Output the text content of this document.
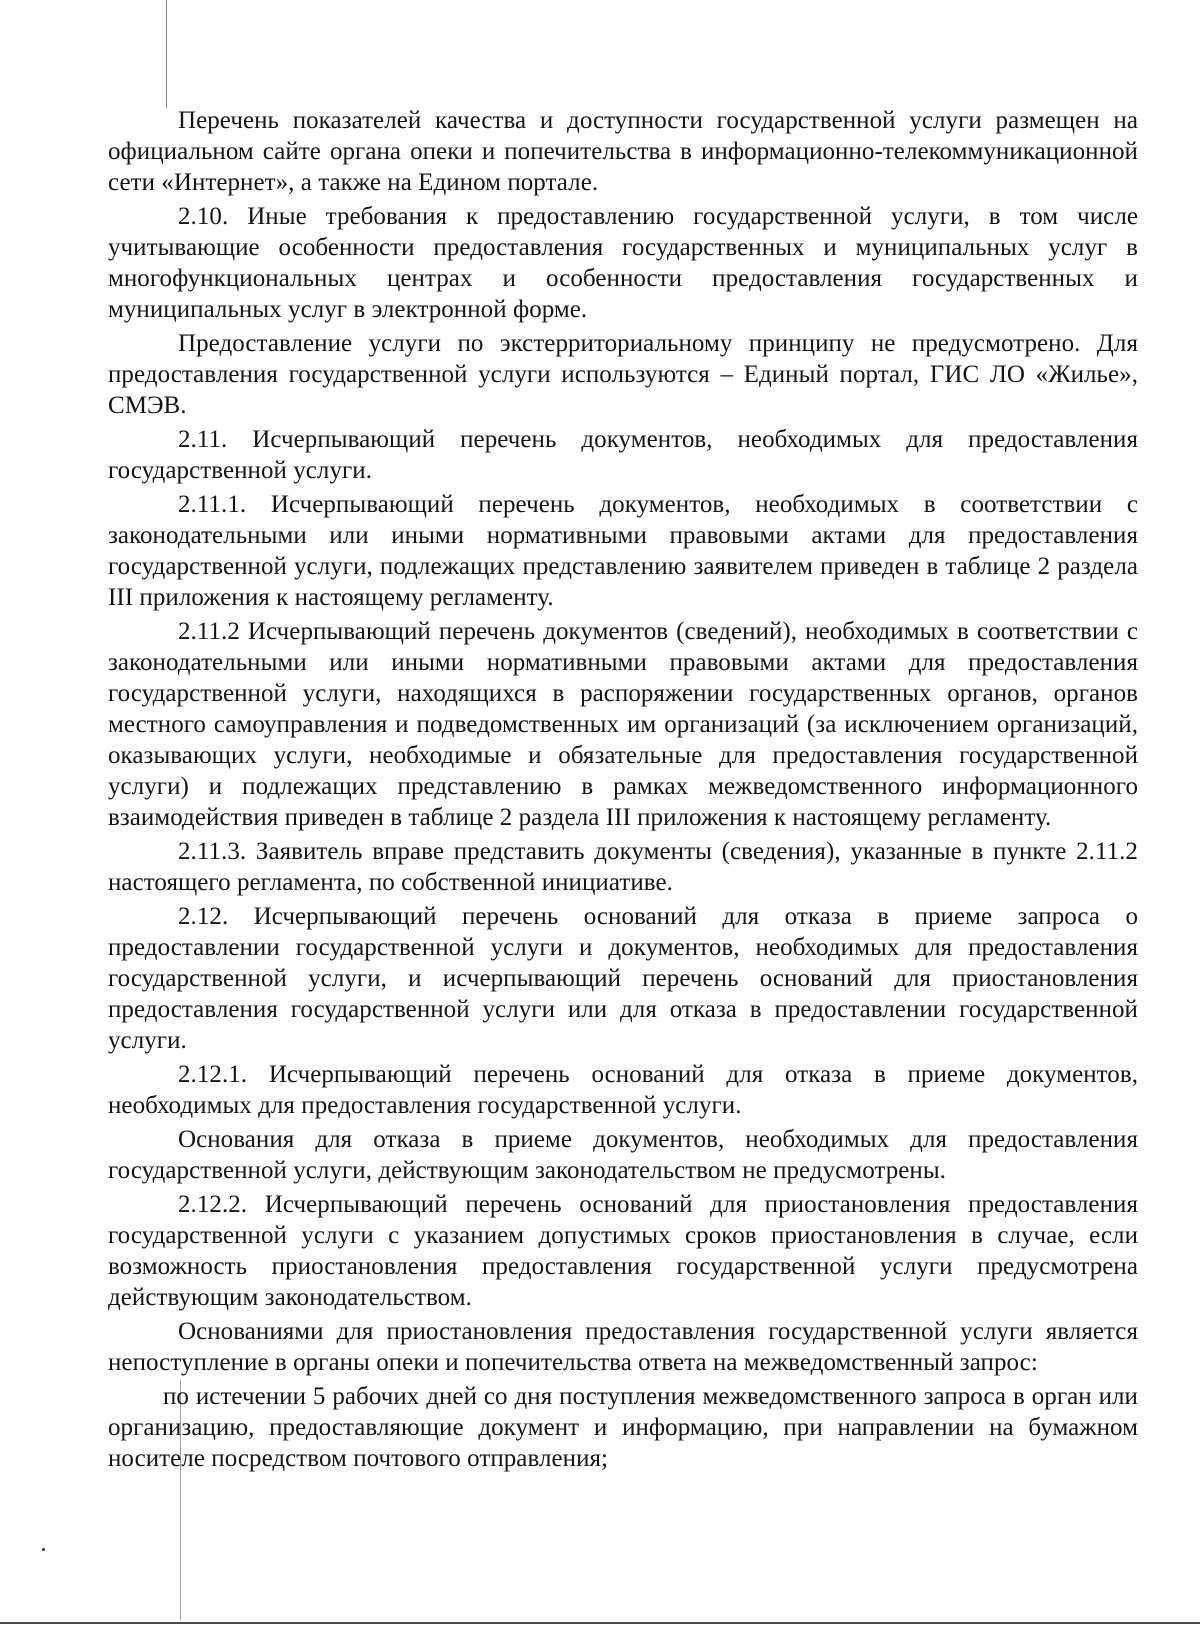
Перечень показателей качества и доступности государственной услуги размещен на официальном сайте органа опеки и попечительства в информационно-телекоммуникационной сети «Интернет», а также на Едином портале.

2.10. Иные требования к предоставлению государственной услуги, в том числе учитывающие особенности предоставления государственных и муниципальных услуг в многофункциональных центрах и особенности предоставления государственных и муниципальных услуг в электронной форме.

Предоставление услуги по экстерриториальному принципу не предусмотрено. Для предоставления государственной услуги используются – Единый портал, ГИС ЛО «Жилье», СМЭВ.

2.11. Исчерпывающий перечень документов, необходимых для предоставления государственной услуги.

2.11.1. Исчерпывающий перечень документов, необходимых в соответствии с законодательными или иными нормативными правовыми актами для предоставления государственной услуги, подлежащих представлению заявителем приведен в таблице 2 раздела III приложения к настоящему регламенту.

2.11.2 Исчерпывающий перечень документов (сведений), необходимых в соответствии с законодательными или иными нормативными правовыми актами для предоставления государственной услуги, находящихся в распоряжении государственных органов, органов местного самоуправления и подведомственных им организаций (за исключением организаций, оказывающих услуги, необходимые и обязательные для предоставления государственной услуги) и подлежащих представлению в рамках межведомственного информационного взаимодействия приведен в таблице 2 раздела III приложения к настоящему регламенту.

2.11.3. Заявитель вправе представить документы (сведения), указанные в пункте 2.11.2 настоящего регламента, по собственной инициативе.

2.12. Исчерпывающий перечень оснований для отказа в приеме запроса о предоставлении государственной услуги и документов, необходимых для предоставления государственной услуги, и исчерпывающий перечень оснований для приостановления предоставления государственной услуги или для отказа в предоставлении государственной услуги.

2.12.1. Исчерпывающий перечень оснований для отказа в приеме документов, необходимых для предоставления государственной услуги.

Основания для отказа в приеме документов, необходимых для предоставления государственной услуги, действующим законодательством не предусмотрены.

2.12.2. Исчерпывающий перечень оснований для приостановления предоставления государственной услуги с указанием допустимых сроков приостановления в случае, если возможность приостановления предоставления государственной услуги предусмотрена действующим законодательством.

Основаниями для приостановления предоставления государственной услуги является непоступление в органы опеки и попечительства ответа на межведомственный запрос:

по истечении 5 рабочих дней со дня поступления межведомственного запроса в орган или организацию, предоставляющие документ и информацию, при направлении на бумажном носителе посредством почтового отправления;
